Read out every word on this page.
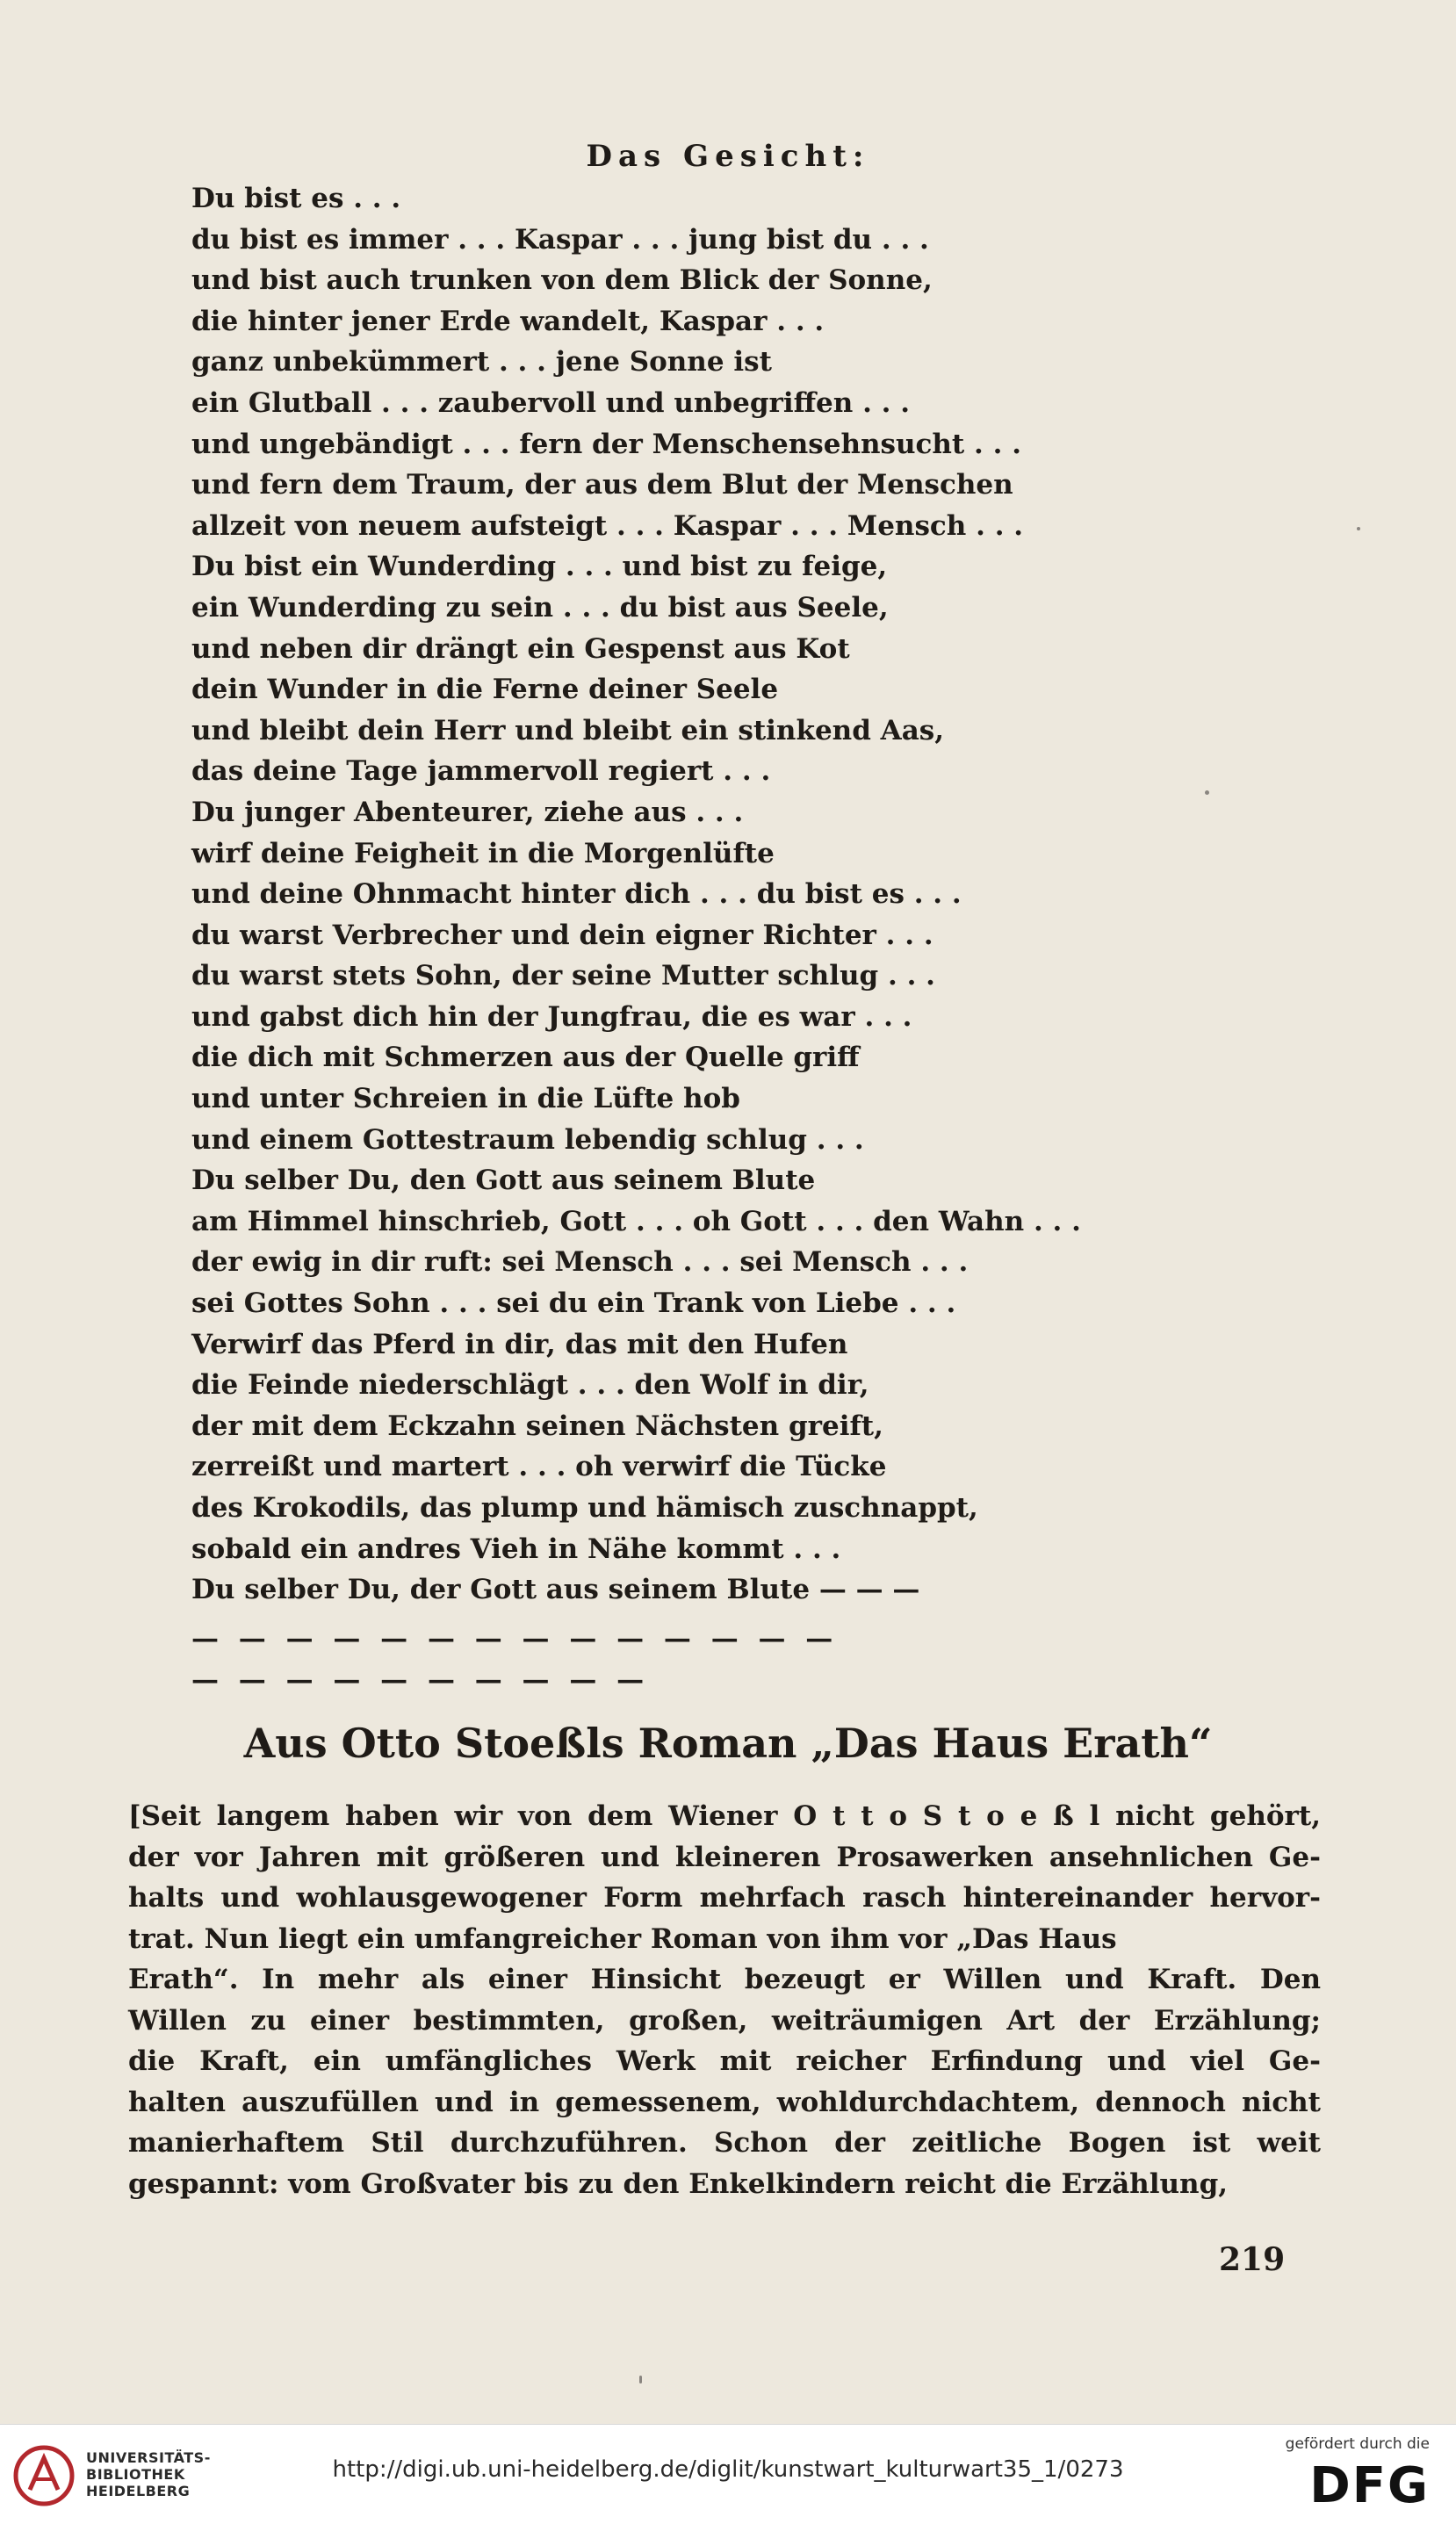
Das Gesicht:
Du bist es . . .
du bist es immer . . . Kaspar . . . jung bist du . . .
und bist auch trunken von dem Blick der Sonne,
die hinter jener Erde wandelt, Kaspar . . .
ganz unbekümmert . . . jene Sonne ist
ein Glutball . . . zaubervoll und unbegriffen . . .
und ungebändigt . . . fern der Menschensehnsucht . . .
und fern dem Traum, der aus dem Blut der Menschen
allzeit von neuem aufsteigt . . . Kaspar . . . Mensch . . .
Du bist ein Wunderding . . . und bist zu feige,
ein Wunderding zu sein . . . du bist aus Seele,
und neben dir drängt ein Gespenst aus Kot
dein Wunder in die Ferne deiner Seele
und bleibt dein Herr und bleibt ein stinkend Aas,
das deine Tage jammervoll regiert . . .
Du junger Abenteurer, ziehe aus . . .
wirf deine Feigheit in die Morgenlüfte
und deine Ohnmacht hinter dich . . . du bist es . . .
du warst Verbrecher und dein eigner Richter . . .
du warst stets Sohn, der seine Mutter schlug . . .
und gabst dich hin der Jungfrau, die es war . . .
die dich mit Schmerzen aus der Quelle griff
und unter Schreien in die Lüfte hob
und einem Gottestraum lebendig schlug . . .
Du selber Du, den Gott aus seinem Blute
am Himmel hinschrieb, Gott . . . oh Gott . . . den Wahn . . .
der ewig in dir ruft: sei Mensch . . . sei Mensch . . .
sei Gottes Sohn . . . sei du ein Trank von Liebe . . .
Verwirf das Pferd in dir, das mit den Hufen
die Feinde niederschlägt . . . den Wolf in dir,
der mit dem Eckzahn seinen Nächsten greift,
zerreißt und martert . . . oh verwirf die Tücke
des Krokodils, das plump und hämisch zuschnappt,
sobald ein andres Vieh in Nähe kommt . . .
Du selber Du, der Gott aus seinem Blute — — —
— — — — — — — — — — — — — —
— — — — — — — — — —
Aus Otto Stoeßls Roman „Das Haus Erath“
[Seit langem haben wir von dem Wiener O t t o S t o e ß l nicht gehört,
der vor Jahren mit größeren und kleineren Prosawerken ansehnlichen Ge-
halts und wohlausgewogener Form mehrfach rasch hintereinander hervor-
trat. Nun liegt ein umfangreicher Roman von ihm vor „Das Haus
Erath“. In mehr als einer Hinsicht bezeugt er Willen und Kraft. Den
Willen zu einer bestimmten, großen, weiträumigen Art der Erzählung;
die Kraft, ein umfängliches Werk mit reicher Erfindung und viel Ge-
halten auszufüllen und in gemessenem, wohldurchdachtem, dennoch nicht
manierhaftem Stil durchzuführen. Schon der zeitliche Bogen ist weit
gespannt: vom Großvater bis zu den Enkelkindern reicht die Erzählung,
219
UNIVERSITÄTS-
BIBLIOTHEK
HEIDELBERG
http://digi.ub.uni-heidelberg.de/diglit/kunstwart_kulturwart35_1/0273
gefördert durch die
DFG
